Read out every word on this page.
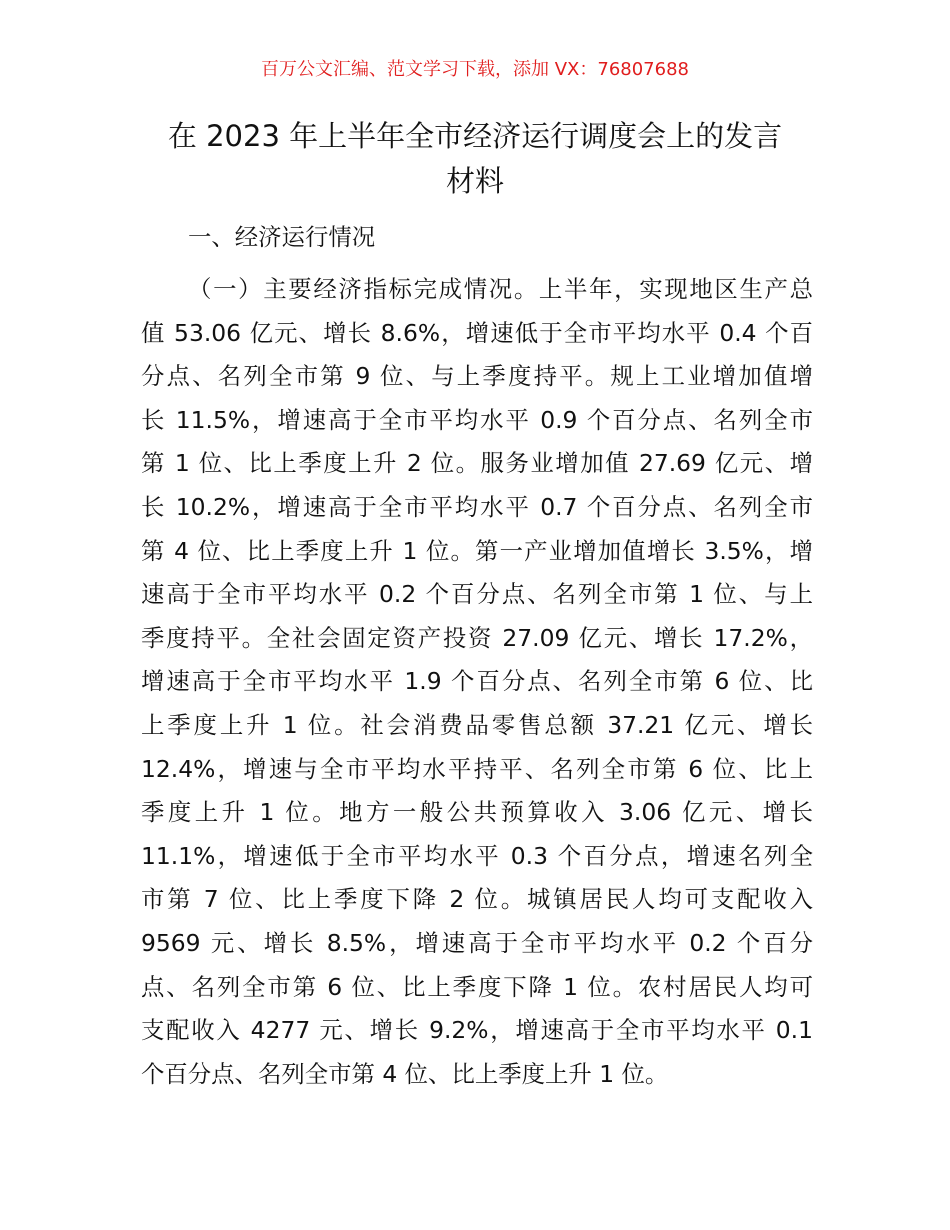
百万公文汇编、范文学习下载，添加 VX：76807688
在 2023 年上半年全市经济运行调度会上的发言
材料
一、经济运行情况
（一）主要经济指标完成情况。上半年，实现地区生产总
值 53.06 亿元、增长 8.6%，增速低于全市平均水平 0.4 个百
分点、名列全市第 9 位、与上季度持平。规上工业增加值增
长 11.5%，增速高于全市平均水平 0.9 个百分点、名列全市
第 1 位、比上季度上升 2 位。服务业增加值 27.69 亿元、增
长 10.2%，增速高于全市平均水平 0.7 个百分点、名列全市
第 4 位、比上季度上升 1 位。第一产业增加值增长 3.5%，增
速高于全市平均水平 0.2 个百分点、名列全市第 1 位、与上
季度持平。全社会固定资产投资 27.09 亿元、增长 17.2%，
增速高于全市平均水平 1.9 个百分点、名列全市第 6 位、比
上季度上升 1 位。社会消费品零售总额 37.21 亿元、增长
12.4%，增速与全市平均水平持平、名列全市第 6 位、比上
季度上升 1 位。地方一般公共预算收入 3.06 亿元、增长
11.1%，增速低于全市平均水平 0.3 个百分点，增速名列全
市第 7 位、比上季度下降 2 位。城镇居民人均可支配收入
9569 元、增长 8.5%，增速高于全市平均水平 0.2 个百分
点、名列全市第 6 位、比上季度下降 1 位。农村居民人均可
支配收入 4277 元、增长 9.2%，增速高于全市平均水平 0.1
个百分点、名列全市第 4 位、比上季度上升 1 位。
